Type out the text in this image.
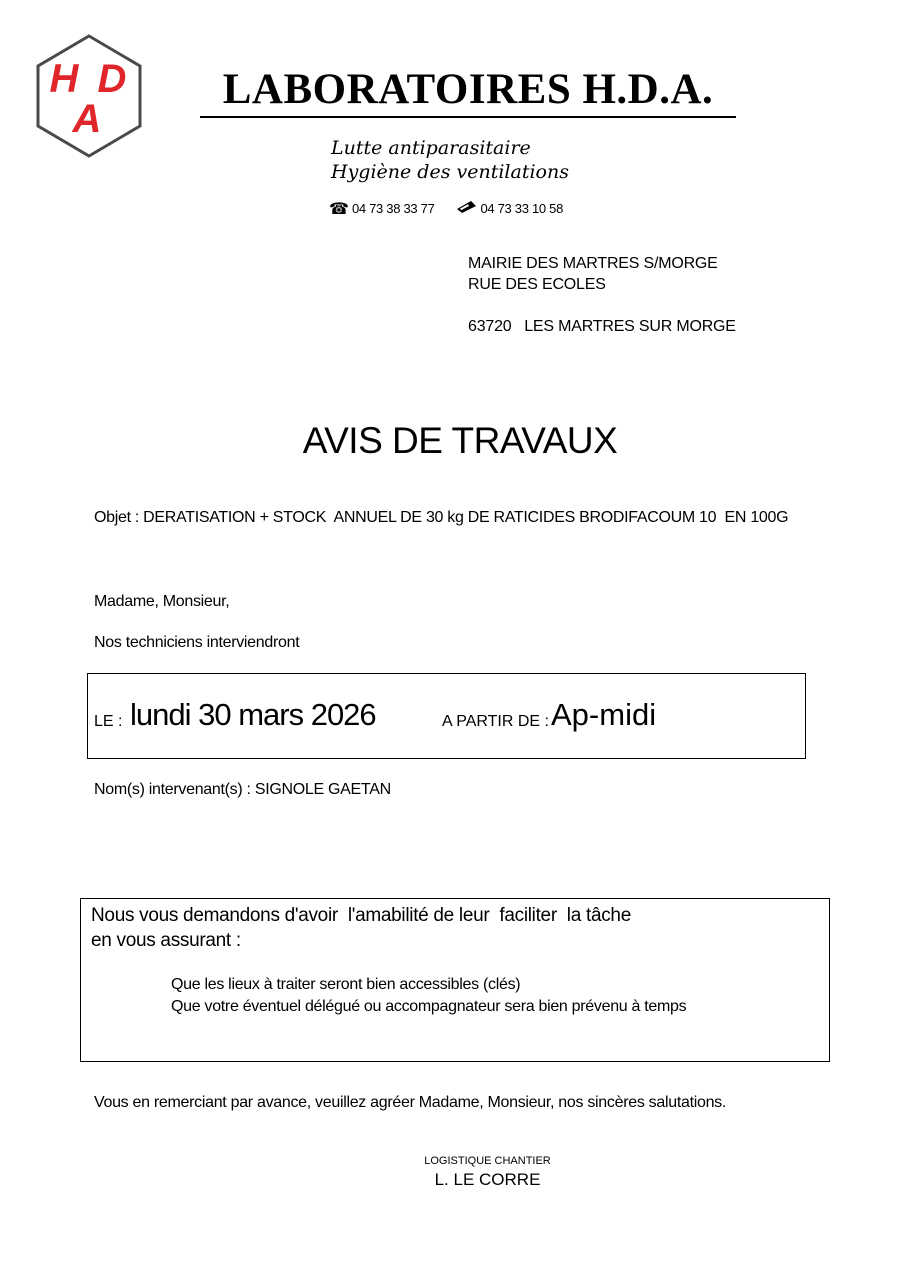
H D
A
LABORATOIRES H.D.A.
Lutte antiparasitaire
Hygiène des ventilations
☎ 04 73 38 33 77	04 73 33 10 58
MAIRIE DES MARTRES S/MORGE
RUE DES ECOLES
63720   LES MARTRES SUR MORGE
AVIS DE TRAVAUX
Objet : DERATISATION + STOCK  ANNUEL DE 30 kg DE RATICIDES BRODIFACOUM 10  EN 100G
Madame, Monsieur,
Nos techniciens interviendront
LE : lundi 30 mars 2026	A PARTIR DE : Ap-midi
Nom(s) intervenant(s) : SIGNOLE GAETAN
Nous vous demandons d'avoir  l'amabilité de leur  faciliter  la tâche
en vous assurant :
Que les lieux à traiter seront bien accessibles (clés)
Que votre éventuel délégué ou accompagnateur sera bien prévenu à temps
Vous en remerciant par avance, veuillez agréer Madame, Monsieur, nos sincères salutations.
LOGISTIQUE CHANTIER
L. LE CORRE
